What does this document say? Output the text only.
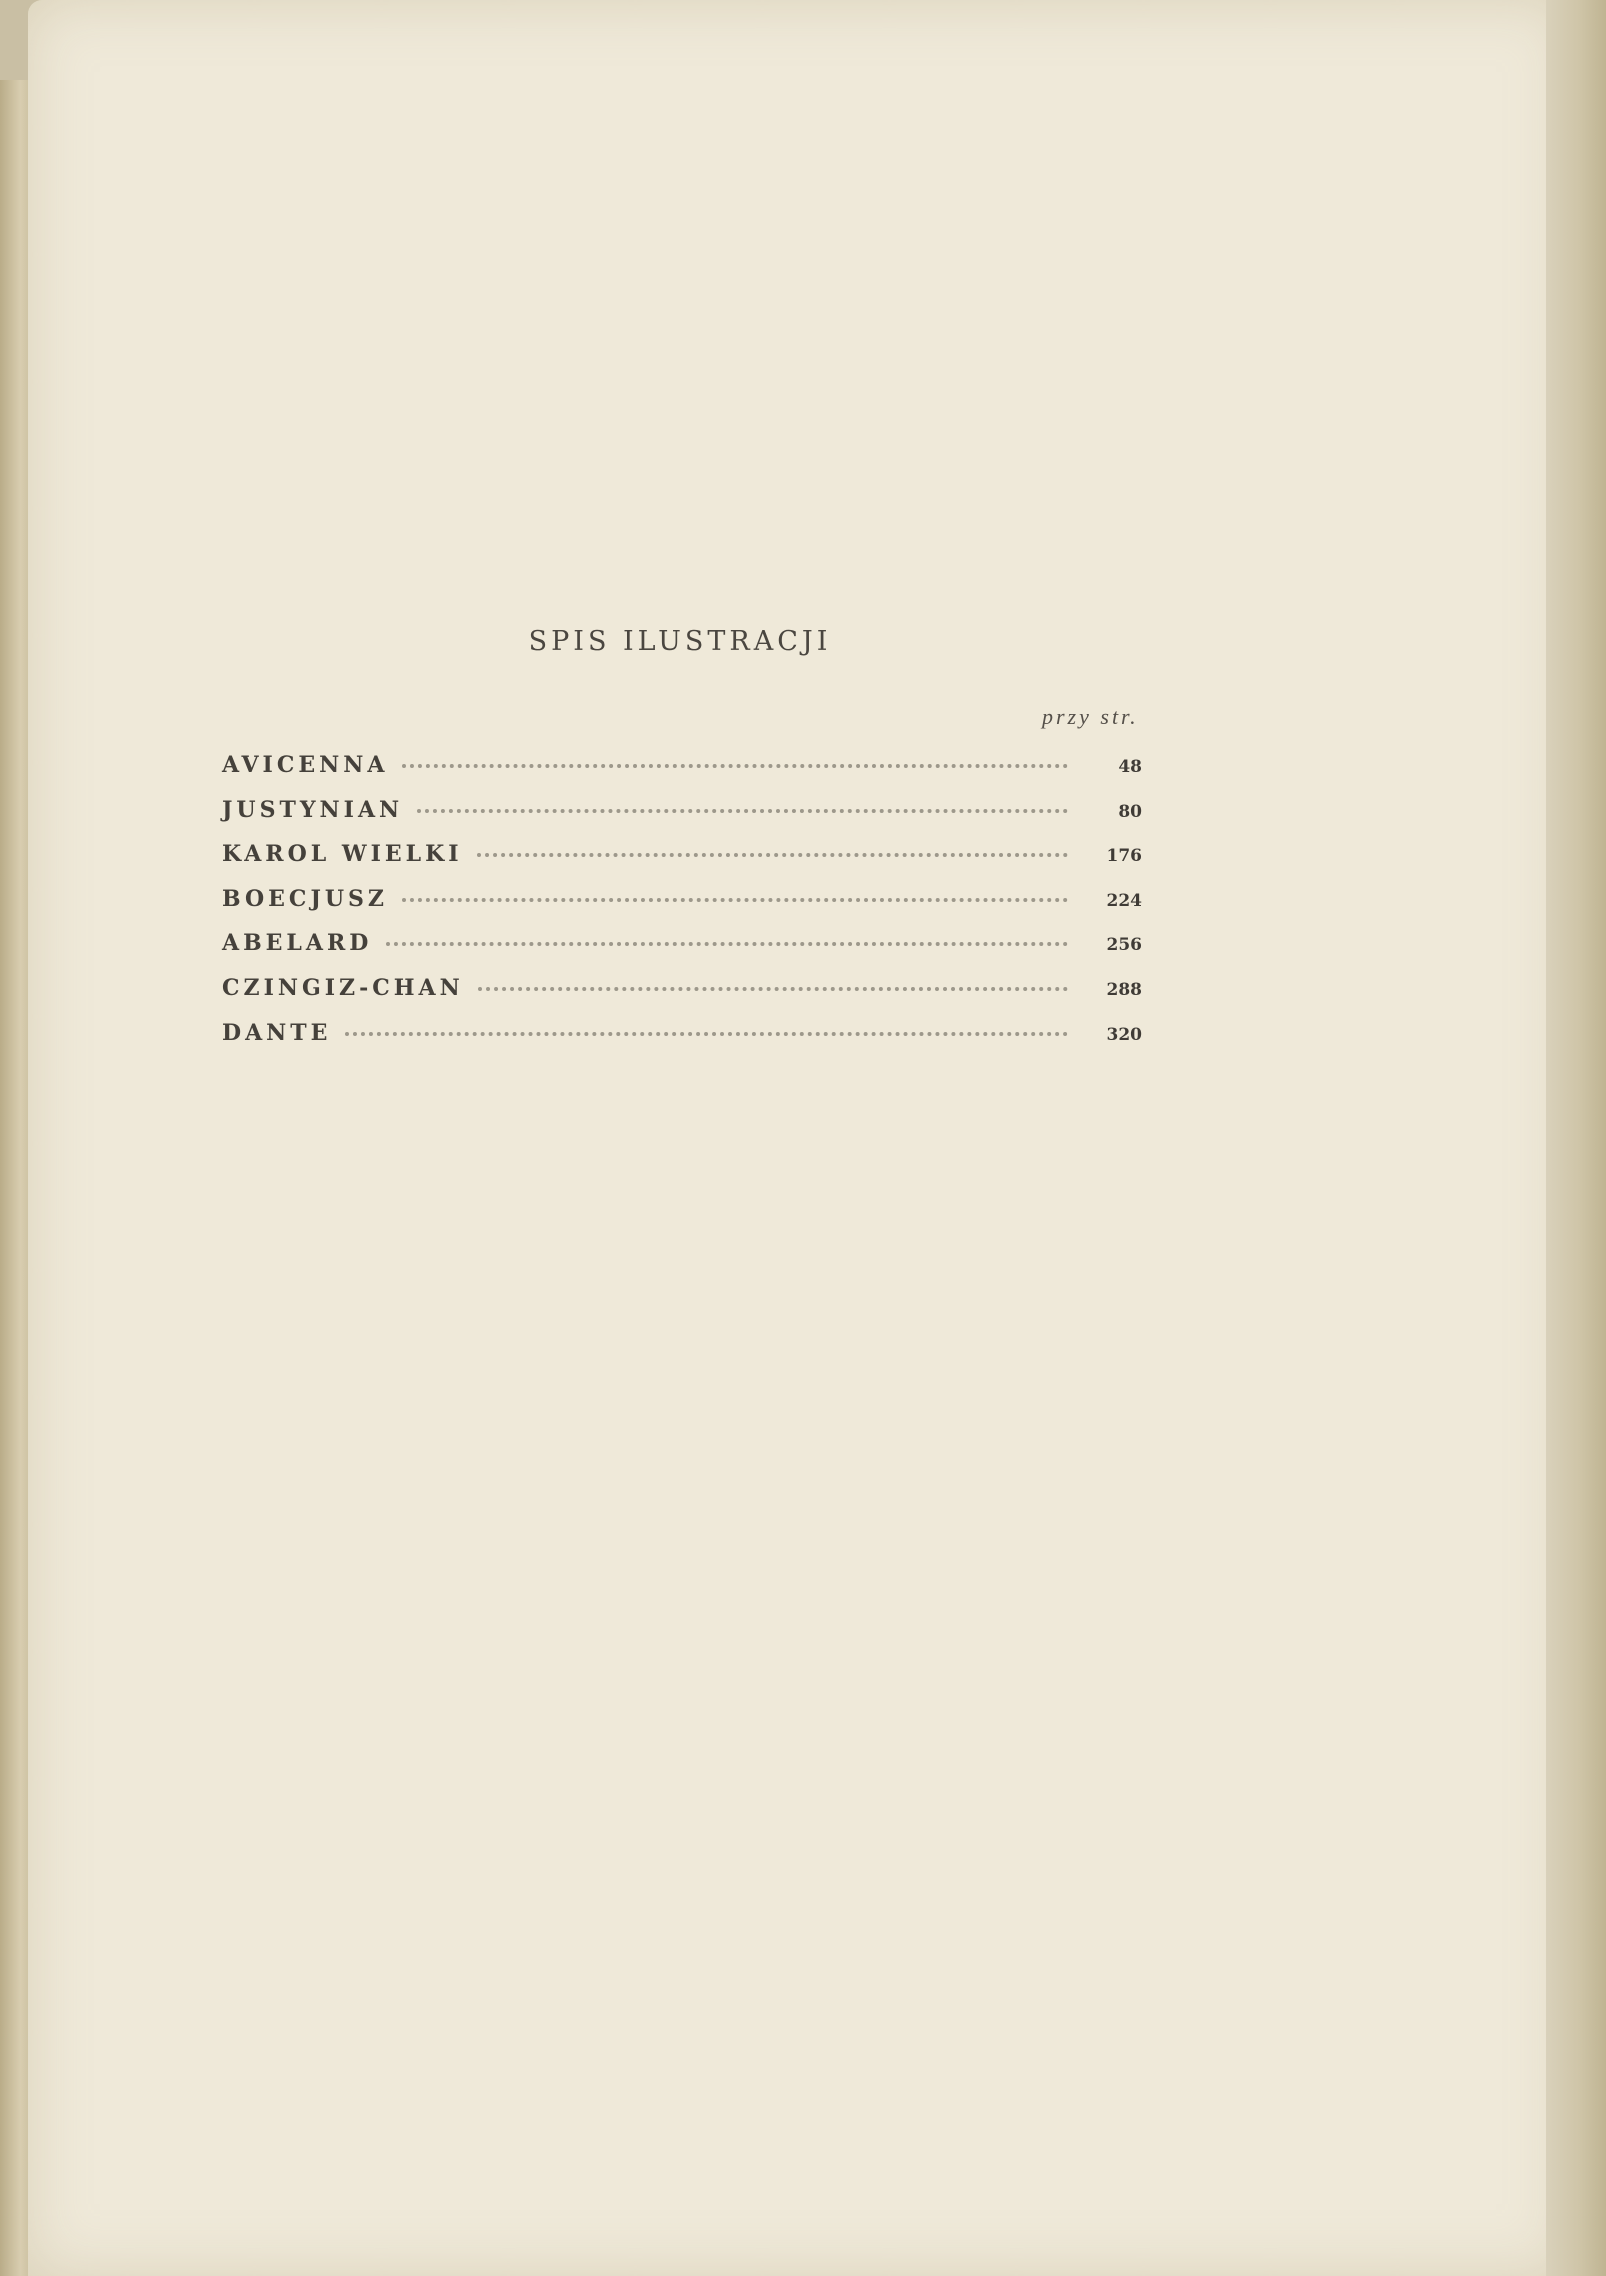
SPIS ILUSTRACJI
przy str.
AVICENNA	48
JUSTYNIAN	80
KAROL WIELKI	176
BOECJUSZ	224
ABELARD	256
CZINGIZ-CHAN	288
DANTE	320
